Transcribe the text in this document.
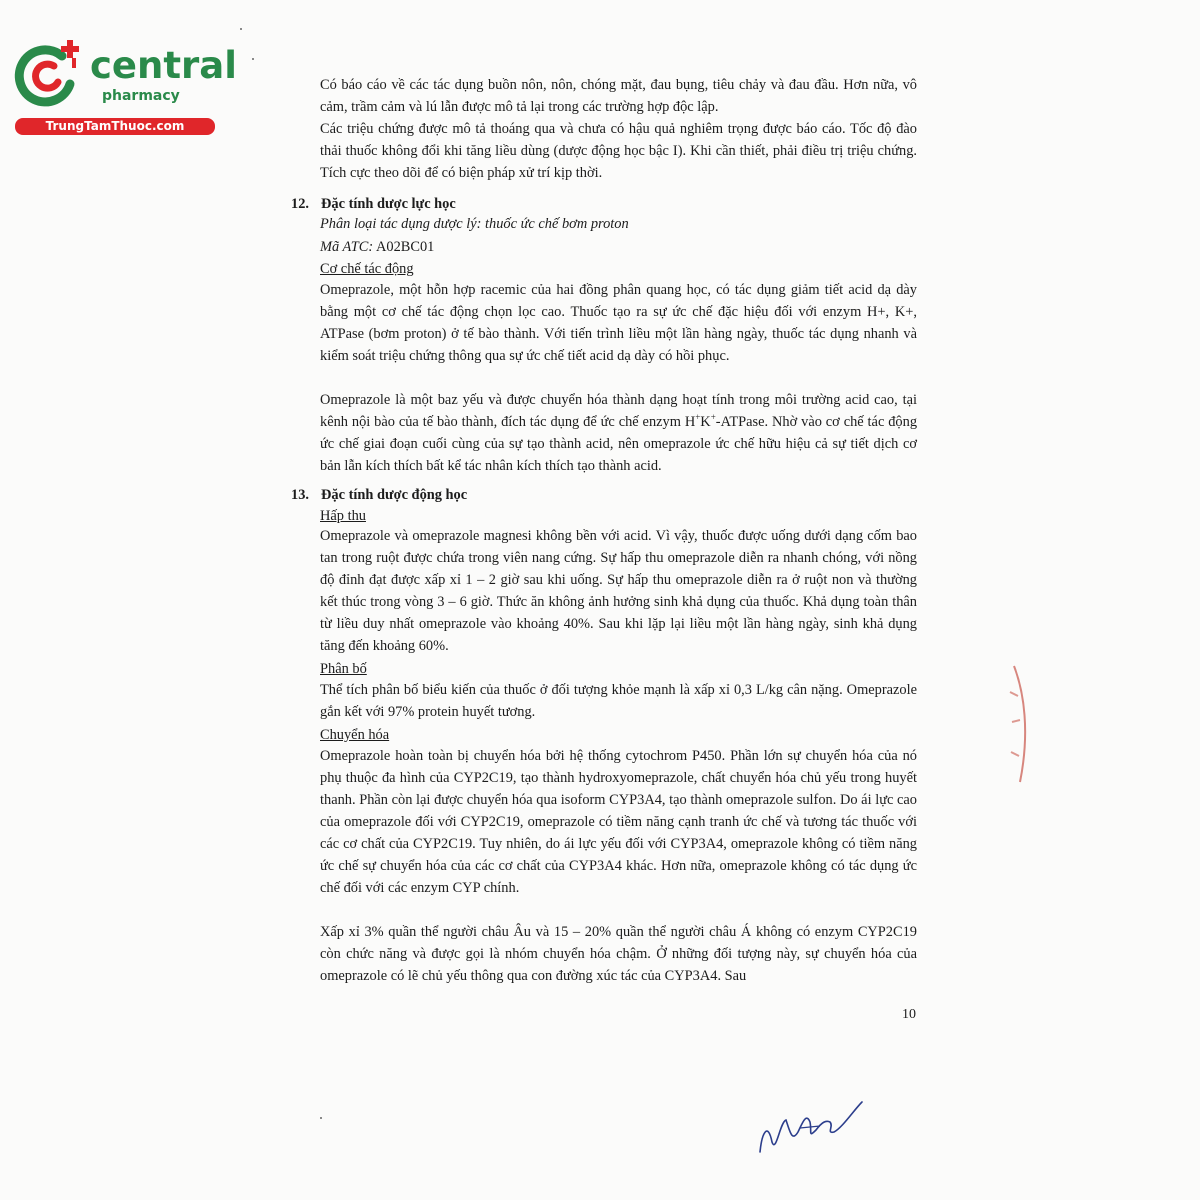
central
pharmacy
TrungTamThuoc.com
Có báo cáo về các tác dụng buồn nôn, nôn, chóng mặt, đau bụng, tiêu chảy và đau đầu. Hơn nữa, vô cảm, trầm cảm và lú lẫn được mô tả lại trong các trường hợp độc lập.
Các triệu chứng được mô tả thoáng qua và chưa có hậu quả nghiêm trọng được báo cáo. Tốc độ đào thải thuốc không đổi khi tăng liều dùng (dược động học bậc I). Khi cần thiết, phải điều trị triệu chứng. Tích cực theo dõi để có biện pháp xử trí kịp thời.
12. Đặc tính dược lực học
Phân loại tác dụng dược lý: thuốc ức chế bơm proton
Mã ATC: A02BC01
Cơ chế tác động
Omeprazole, một hỗn hợp racemic của hai đồng phân quang học, có tác dụng giảm tiết acid dạ dày bằng một cơ chế tác động chọn lọc cao. Thuốc tạo ra sự ức chế đặc hiệu đối với enzym H+, K+, ATPase (bơm proton) ở tế bào thành. Với tiến trình liều một lần hàng ngày, thuốc tác dụng nhanh và kiểm soát triệu chứng thông qua sự ức chế tiết acid dạ dày có hồi phục.
Omeprazole là một baz yếu và được chuyển hóa thành dạng hoạt tính trong môi trường acid cao, tại kênh nội bào của tế bào thành, đích tác dụng để ức chế enzym H+K+-ATPase. Nhờ vào cơ chế tác động ức chế giai đoạn cuối cùng của sự tạo thành acid, nên omeprazole ức chế hữu hiệu cả sự tiết dịch cơ bản lẫn kích thích bất kể tác nhân kích thích tạo thành acid.
13. Đặc tính dược động học
Hấp thu
Omeprazole và omeprazole magnesi không bền với acid. Vì vậy, thuốc được uống dưới dạng cốm bao tan trong ruột được chứa trong viên nang cứng. Sự hấp thu omeprazole diễn ra nhanh chóng, với nồng độ đỉnh đạt được xấp xỉ 1 – 2 giờ sau khi uống. Sự hấp thu omeprazole diễn ra ở ruột non và thường kết thúc trong vòng 3 – 6 giờ. Thức ăn không ảnh hưởng sinh khả dụng của thuốc. Khả dụng toàn thân từ liều duy nhất omeprazole vào khoảng 40%. Sau khi lặp lại liều một lần hàng ngày, sinh khả dụng tăng đến khoảng 60%.
Phân bố
Thể tích phân bố biểu kiến của thuốc ở đối tượng khỏe mạnh là xấp xỉ 0,3 L/kg cân nặng. Omeprazole gắn kết với 97% protein huyết tương.
Chuyển hóa
Omeprazole hoàn toàn bị chuyển hóa bởi hệ thống cytochrom P450. Phần lớn sự chuyển hóa của nó phụ thuộc đa hình của CYP2C19, tạo thành hydroxyomeprazole, chất chuyển hóa chủ yếu trong huyết thanh. Phần còn lại được chuyển hóa qua isoform CYP3A4, tạo thành omeprazole sulfon. Do ái lực cao của omeprazole đối với CYP2C19, omeprazole có tiềm năng cạnh tranh ức chế và tương tác thuốc với các cơ chất của CYP2C19. Tuy nhiên, do ái lực yếu đối với CYP3A4, omeprazole không có tiềm năng ức chế sự chuyển hóa của các cơ chất của CYP3A4 khác. Hơn nữa, omeprazole không có tác dụng ức chế đối với các enzym CYP chính.
Xấp xỉ 3% quần thể người châu Âu và 15 – 20% quần thể người châu Á không có enzym CYP2C19 còn chức năng và được gọi là nhóm chuyển hóa chậm. Ở những đối tượng này, sự chuyển hóa của omeprazole có lẽ chủ yếu thông qua con đường xúc tác của CYP3A4. Sau
10
